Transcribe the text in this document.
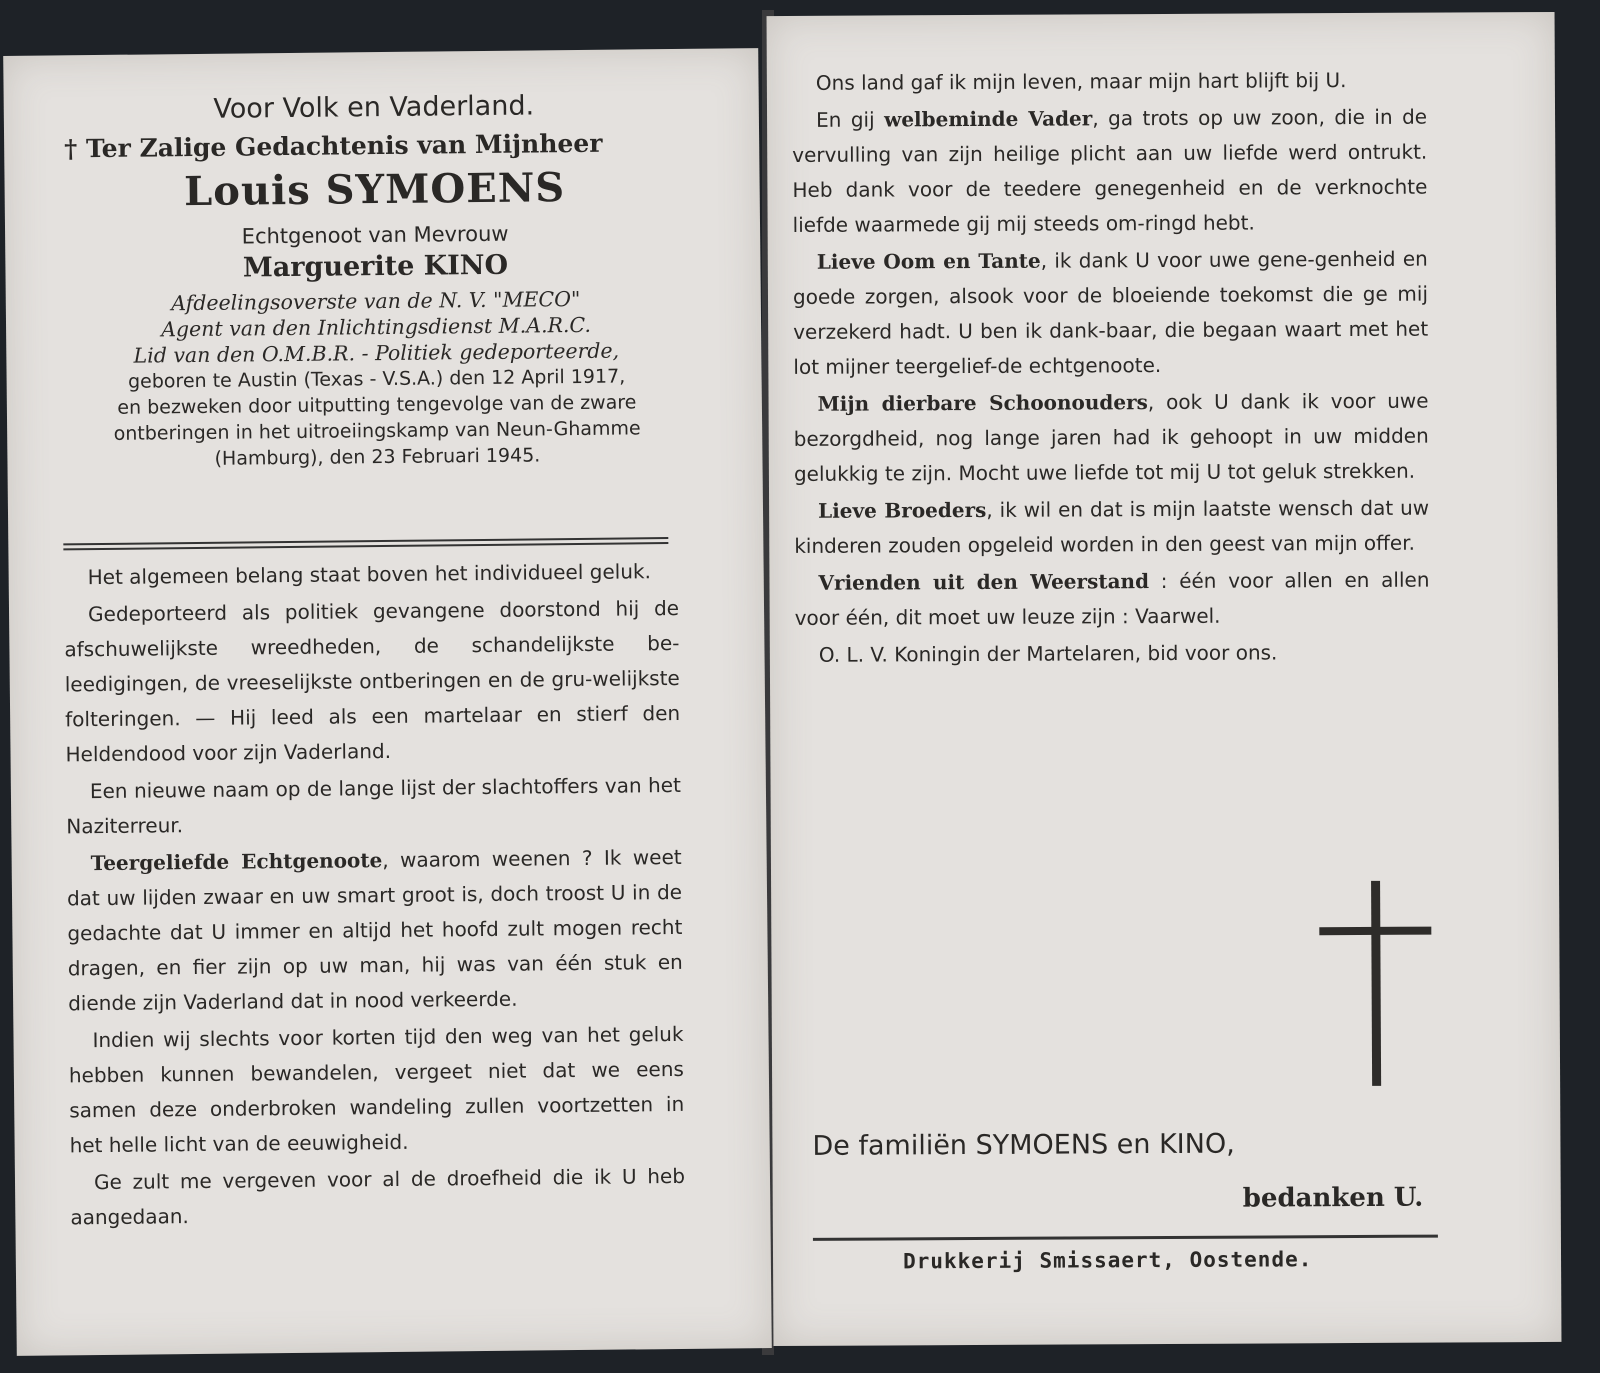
Voor Volk en Vaderland.
† Ter Zalige Gedachtenis van Mijnheer
Louis SYMOENS
Echtgenoot van Mevrouw
Marguerite KINO
Afdeelingsoverste van de N. V. "MECO"
Agent van den Inlichtingsdienst M.A.R.C.
Lid van den O.M.B.R. - Politiek gedeporteerde,
geboren te Austin (Texas - V.S.A.) den 12 April 1917,
en bezweken door uitputting tengevolge van de zware
ontberingen in het uitroeiingskamp van Neun-Ghamme
(Hamburg), den 23 Februari 1945.

Het algemeen belang staat boven het individueel geluk.

Gedeporteerd als politiek gevangene doorstond hij de afschuwelijkste wreedheden, de schandelijkste be-leedigingen, de vreeselijkste ontberingen en de gru-welijkste folteringen. — Hij leed als een martelaar en stierf den Heldendood voor zijn Vaderland.

Een nieuwe naam op de lange lijst der slachtoffers van het Naziterreur.

Teergeliefde Echtgenoote, waarom weenen ? Ik weet dat uw lijden zwaar en uw smart groot is, doch troost U in de gedachte dat U immer en altijd het hoofd zult mogen recht dragen, en fier zijn op uw man, hij was van één stuk en diende zijn Vaderland dat in nood verkeerde.

Indien wij slechts voor korten tijd den weg van het geluk hebben kunnen bewandelen, vergeet niet dat we eens samen deze onderbroken wandeling zullen voortzetten in het helle licht van de eeuwigheid.

Ge zult me vergeven voor al de droefheid die ik U heb aangedaan.

Ons land gaf ik mijn leven, maar mijn hart blijft bij U.

En gij welbeminde Vader, ga trots op uw zoon, die in de vervulling van zijn heilige plicht aan uw liefde werd ontrukt. Heb dank voor de teedere genegenheid en de verknochte liefde waarmede gij mij steeds om-ringd hebt.

Lieve Oom en Tante, ik dank U voor uwe gene-genheid en goede zorgen, alsook voor de bloeiende toekomst die ge mij verzekerd hadt. U ben ik dank-baar, die begaan waart met het lot mijner teergelief-de echtgenoote.

Mijn dierbare Schoonouders, ook U dank ik voor uwe bezorgdheid, nog lange jaren had ik gehoopt in uw midden gelukkig te zijn. Mocht uwe liefde tot mij U tot geluk strekken.

Lieve Broeders, ik wil en dat is mijn laatste wensch dat uw kinderen zouden opgeleid worden in den geest van mijn offer.

Vrienden uit den Weerstand : één voor allen en allen voor één, dit moet uw leuze zijn : Vaarwel.

O. L. V. Koningin der Martelaren, bid voor ons.

De familiën SYMOENS en KINO,
bedanken U.
Drukkerij Smissaert, Oostende.
